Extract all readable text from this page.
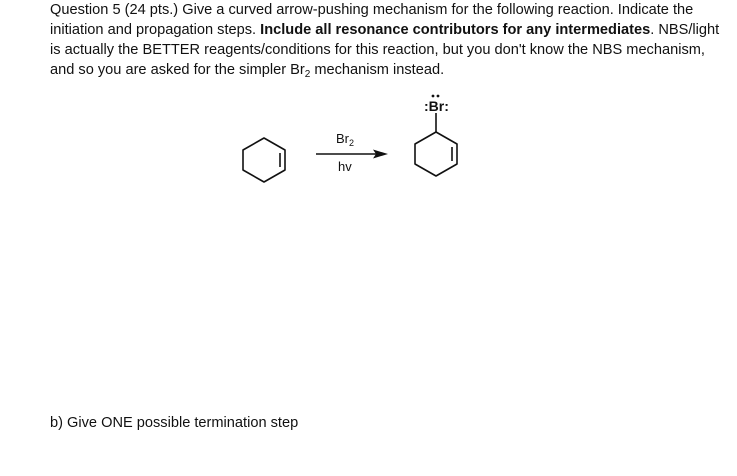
Question 5 (24 pts.) Give a curved arrow-pushing mechanism for the following reaction. Indicate the initiation and propagation steps. Include all resonance contributors for any intermediates. NBS/light is actually the BETTER reagents/conditions for this reaction, but you don't know the NBS mechanism, and so you are asked for the simpler $Br_2$ mechanism instead.

$Br_2$
hv
:Br:
b) Give ONE possible termination step
